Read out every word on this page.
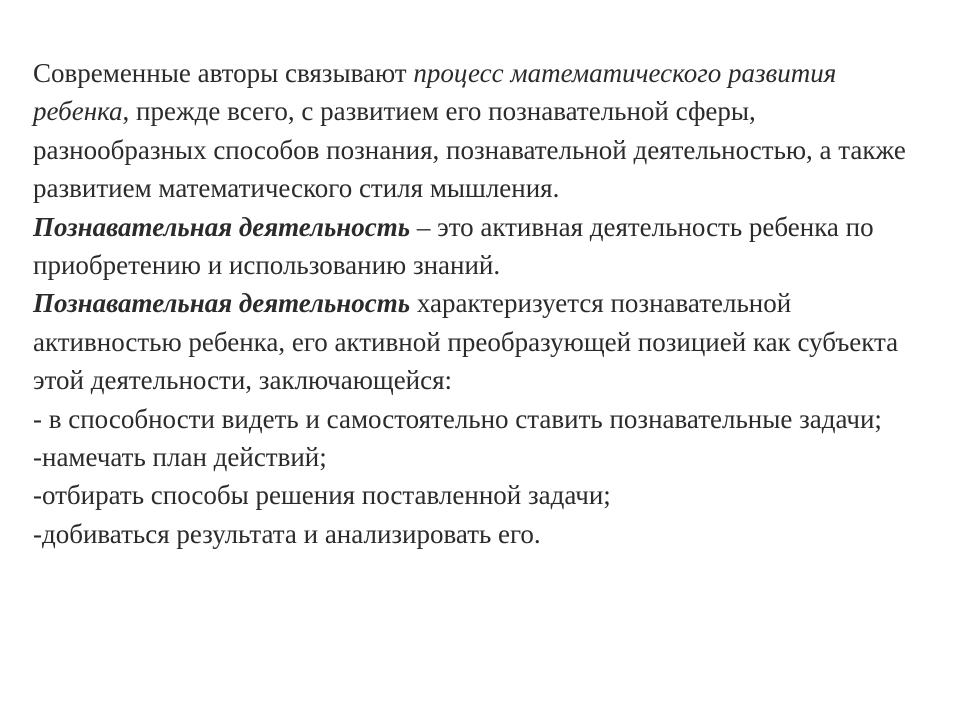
Современные авторы связывают процесс математического развития ребенка, прежде всего, с развитием его познавательной сферы, разнообразных способов познания, познавательной деятельностью, а также развитием математического стиля мышления.

Познавательная деятельность – это активная деятельность ребенка по приобретению и использованию знаний.

Познавательная деятельность характеризуется познавательной активностью ребенка, его активной преобразующей позицией как субъекта этой деятельности, заключающейся:

- в способности видеть и самостоятельно ставить познавательные задачи;

-намечать план действий;

-отбирать способы решения поставленной задачи;

-добиваться результата и анализировать его.
